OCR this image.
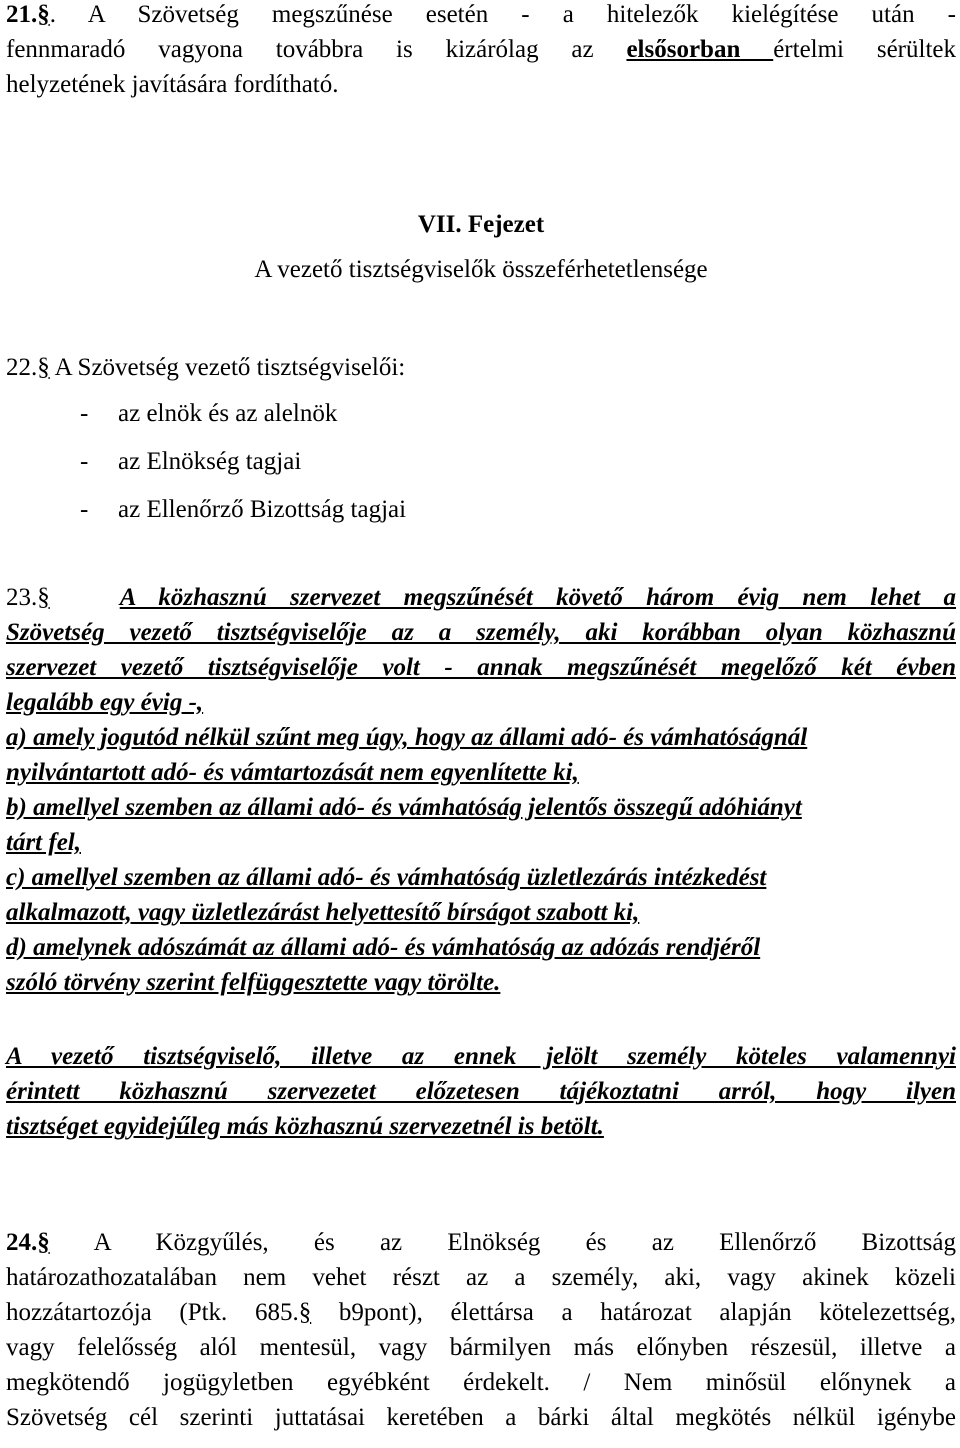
21.§. A Szövetség megszűnése esetén - a hitelezők kielégítése után -

fennmaradó vagyona továbbra is kizárólag az elsősorban értelmi sérültek

helyzetének javítására fordítható.

VII. Fejezet

A vezető tisztségviselők összeférhetetlensége

22.§ A Szövetség vezető tisztségviselői:

- az elnök és az alelnök

- az Elnökség tagjai

- az Ellenőrző Bizottság tagjai

23.§	A közhasznú szervezet megszűnését követő három évig nem lehet a

Szövetség vezető tisztségviselője az a személy, aki korábban olyan közhasznú

szervezet vezető tisztségviselője volt - annak megszűnését megelőző két évben

legalább egy évig -,

a) amely jogutód nélkül szűnt meg úgy, hogy az állami adó- és vámhatóságnál

nyilvántartott adó- és vámtartozását nem egyenlítette ki,

b) amellyel szemben az állami adó- és vámhatóság jelentős összegű adóhiányt

tárt fel,

c) amellyel szemben az állami adó- és vámhatóság üzletlezárás intézkedést

alkalmazott, vagy üzletlezárást helyettesítő bírságot szabott ki,

d) amelynek adószámát az állami adó- és vámhatóság az adózás rendjéről

szóló törvény szerint felfüggesztette vagy törölte.

A vezető tisztségviselő, illetve az ennek jelölt személy köteles valamennyi

érintett közhasznú szervezetet előzetesen tájékoztatni arról, hogy ilyen

tisztséget egyidejűleg más közhasznú szervezetnél is betölt.

24.§ A Közgyűlés, és az Elnökség és az Ellenőrző Bizottság

határozathozatalában nem vehet részt az a személy, aki, vagy akinek közeli

hozzátartozója (Ptk. 685.§ b9pont), élettársa a határozat alapján kötelezettség,

vagy felelősség alól mentesül, vagy bármilyen más előnyben részesül, illetve a

megkötendő jogügyletben egyébként érdekelt. / Nem minősül előnynek a

Szövetség cél szerinti juttatásai keretében a bárki által megkötés nélkül igénybe
